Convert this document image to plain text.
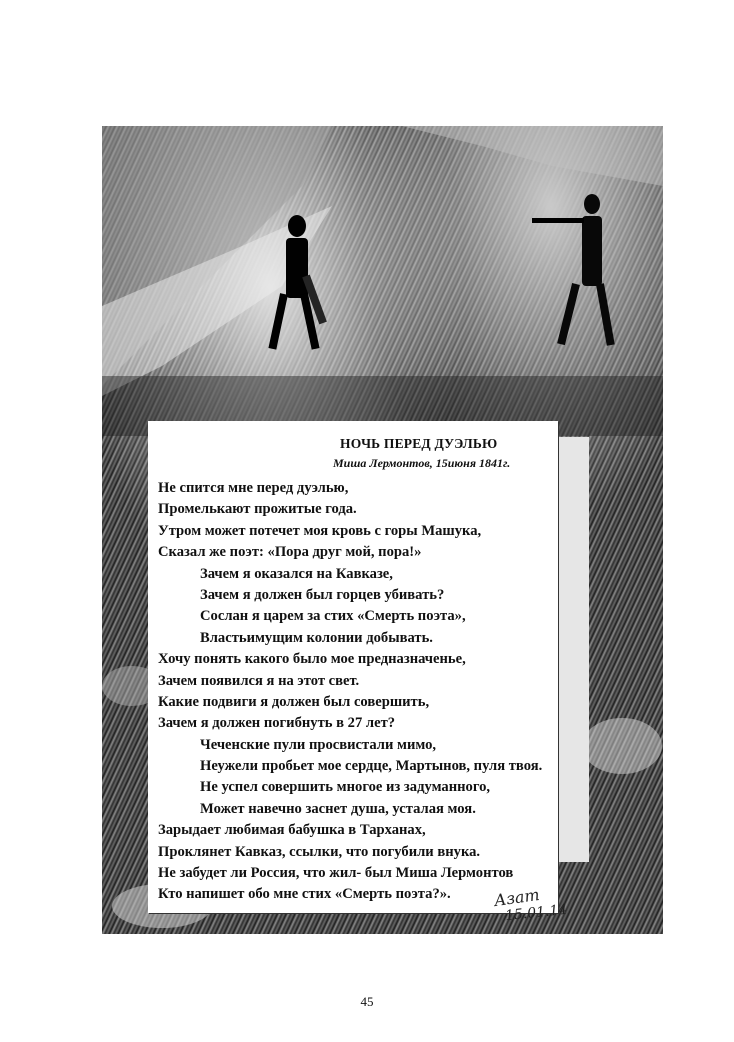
НОЧЬ ПЕРЕД ДУЭЛЬЮ
Миша Лермонтов, 15июня 1841г.
Не спится мне перед дуэлью,
Промелькают прожитые года.
Утром может потечет моя кровь с горы Машука,
Сказал же поэт: «Пора друг мой, пора!»
Зачем я оказался на Кавказе,
Зачем я должен был горцев убивать?
Сослан я царем за стих «Смерть поэта»,
Властьимущим колонии добывать.
Хочу понять какого было мое предназначенье,
Зачем появился я на этот свет.
Какие подвиги я должен был совершить,
Зачем я должен погибнуть в 27 лет?
Чеченские пули просвистали мимо,
Неужели пробьет мое сердце, Мартынов, пуля твоя.
Не успел совершить многое из задуманного,
Может навечно заснет душа, усталая моя.
Зарыдает любимая бабушка в Тарханах,
Проклянет Кавказ, ссылки, что погубили внука.
Не забудет ли Россия, что жил- был Миша Лермонтов
Кто напишет обо мне стих «Смерть поэта?».	Азат
15.01.14
45
